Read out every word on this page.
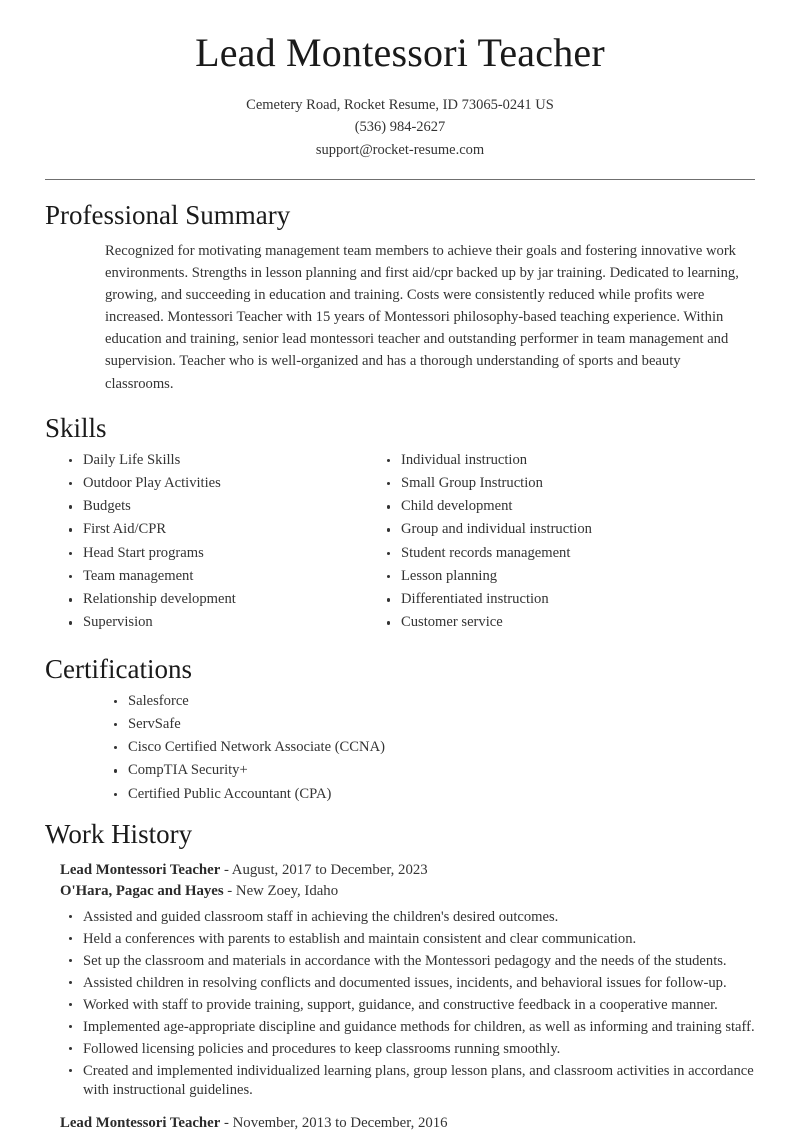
Lead Montessori Teacher
Cemetery Road, Rocket Resume, ID 73065-0241 US
(536) 984-2627
support@rocket-resume.com
Professional Summary

Recognized for motivating management team members to achieve their goals and fostering innovative work environments. Strengths in lesson planning and first aid/cpr backed up by jar training. Dedicated to learning, growing, and succeeding in education and training. Costs were consistently reduced while profits were increased. Montessori Teacher with 15 years of Montessori philosophy-based teaching experience. Within education and training, senior lead montessori teacher and outstanding performer in team management and supervision. Teacher who is well-organized and has a thorough understanding of sports and beauty classrooms.

Skills
Daily Life Skills
Outdoor Play Activities
Budgets
First Aid/CPR
Head Start programs
Team management
Relationship development
Supervision
Individual instruction
Small Group Instruction
Child development
Group and individual instruction
Student records management
Lesson planning
Differentiated instruction
Customer service
Certifications
Salesforce
ServSafe
Cisco Certified Network Associate (CCNA)
CompTIA Security+
Certified Public Accountant (CPA)
Work History
Lead Montessori Teacher - August, 2017 to December, 2023
O'Hara, Pagac and Hayes - New Zoey, Idaho
Assisted and guided classroom staff in achieving the children's desired outcomes.
Held a conferences with parents to establish and maintain consistent and clear communication.
Set up the classroom and materials in accordance with the Montessori pedagogy and the needs of the students.
Assisted children in resolving conflicts and documented issues, incidents, and behavioral issues for follow-up.
Worked with staff to provide training, support, guidance, and constructive feedback in a cooperative manner.
Implemented age-appropriate discipline and guidance methods for children, as well as informing and training staff.
Followed licensing policies and procedures to keep classrooms running smoothly.
Created and implemented individualized learning plans, group lesson plans, and classroom activities in accordance with instructional guidelines.
Lead Montessori Teacher - November, 2013 to December, 2016
